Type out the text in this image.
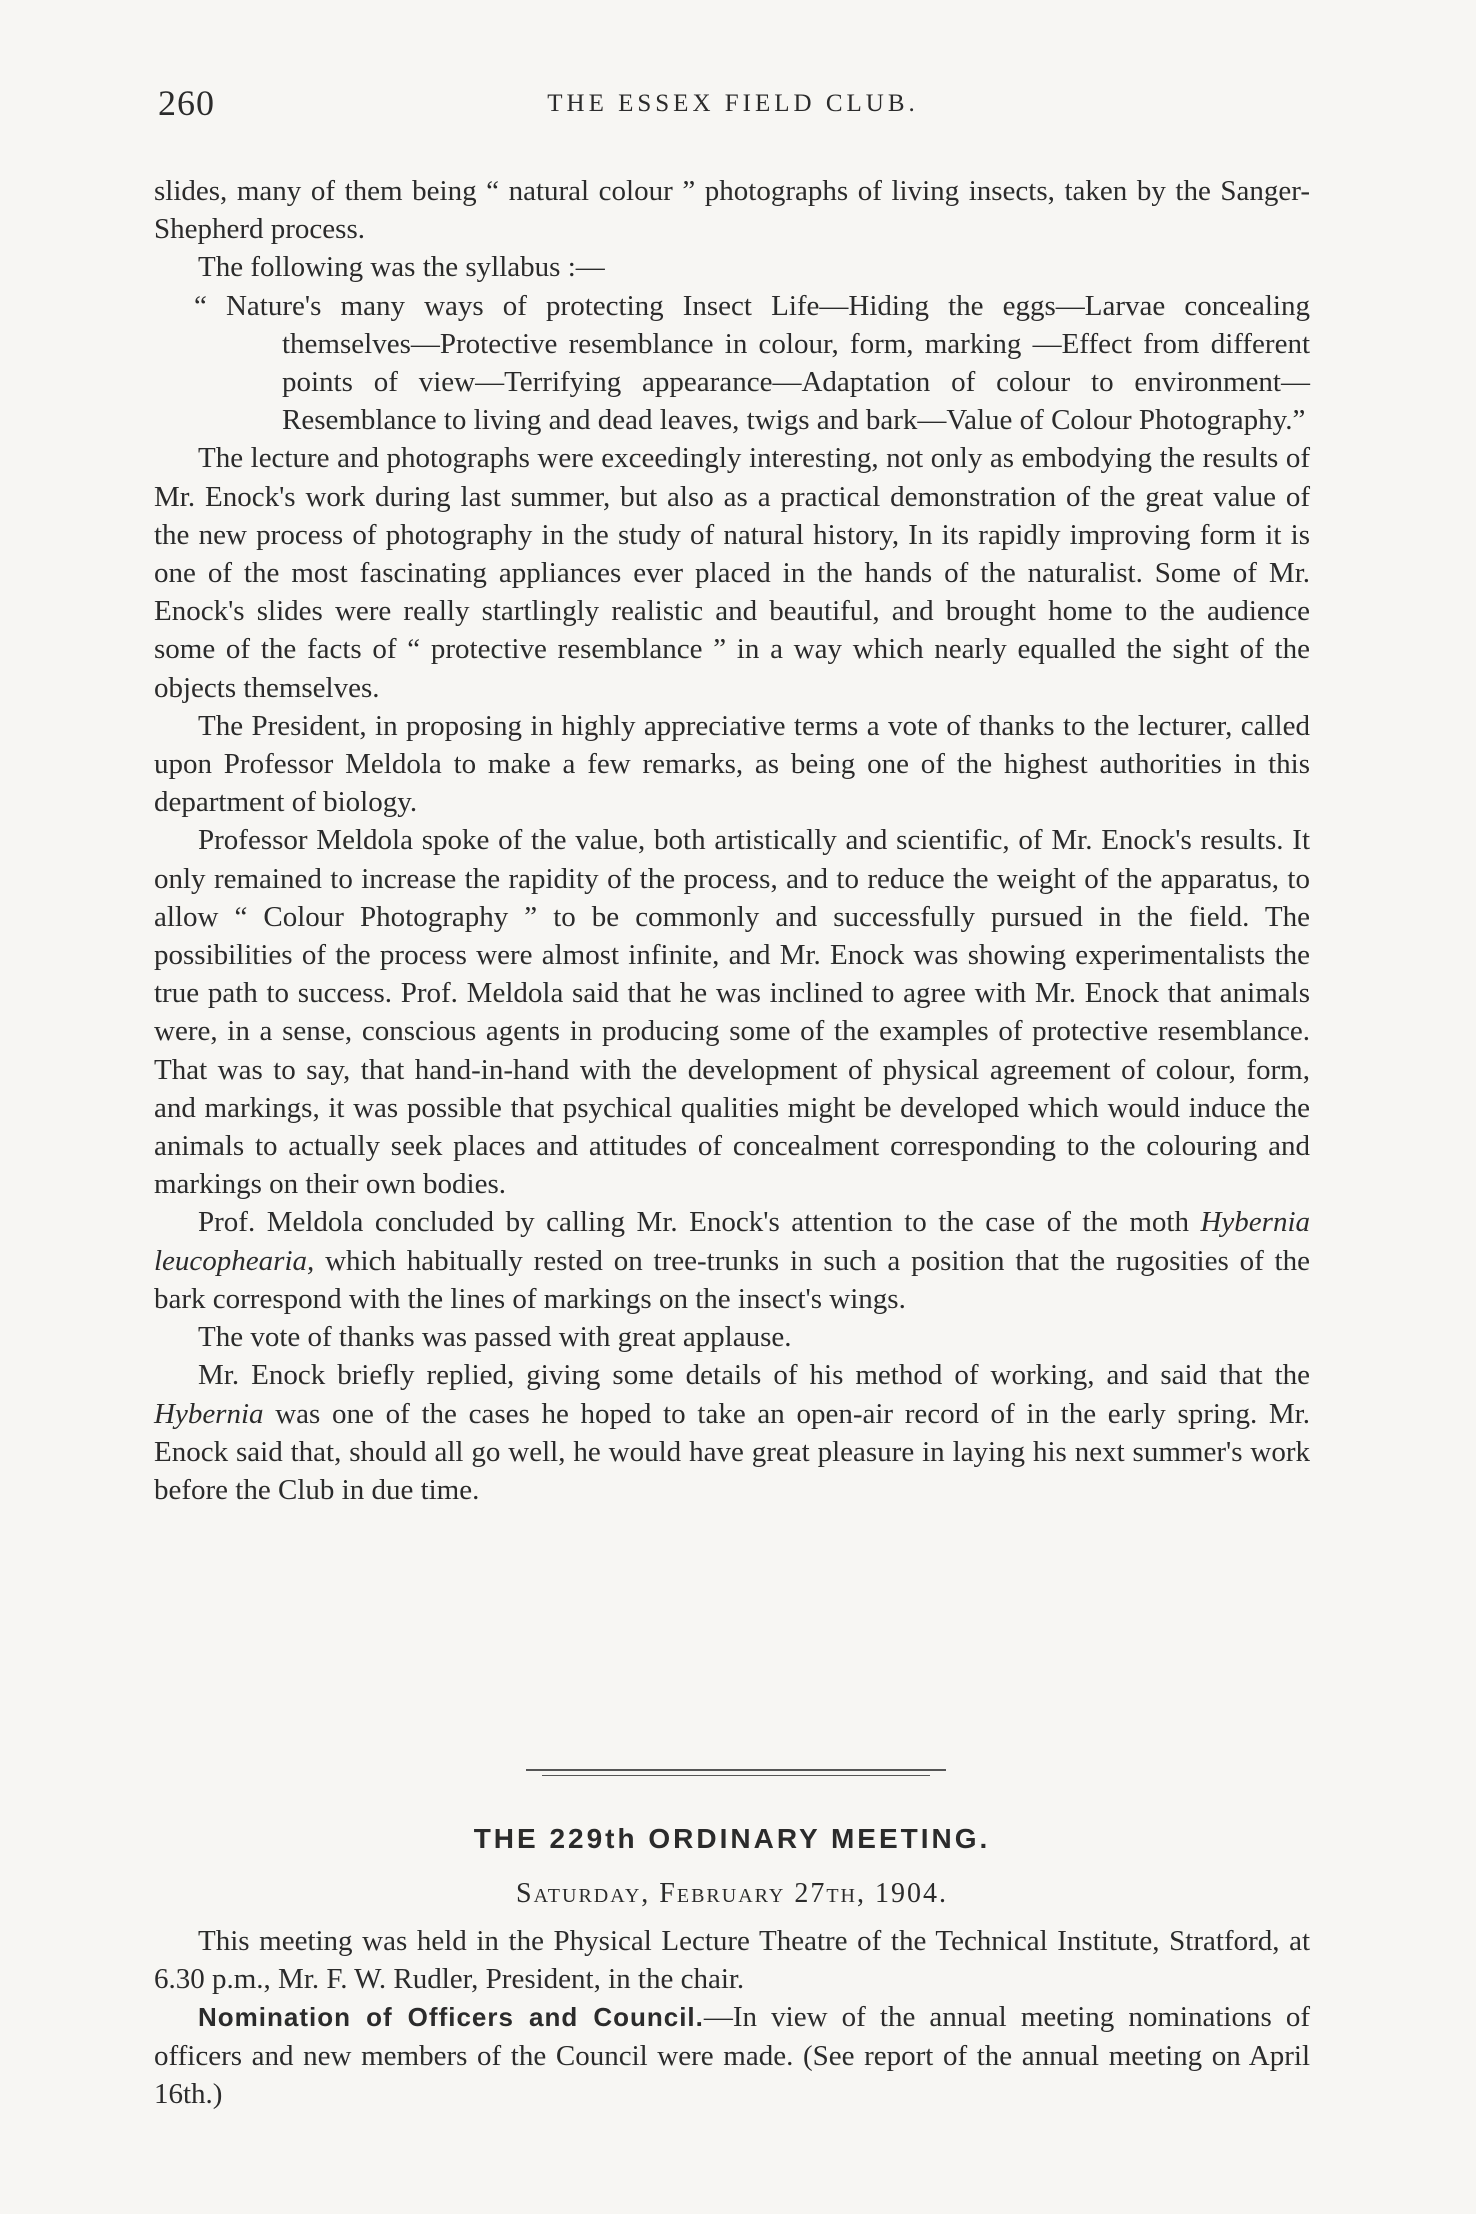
260	THE ESSEX FIELD CLUB.

slides, many of them being “ natural colour ” photographs of living insects, taken by the Sanger-Shepherd process.

The following was the syllabus :—

“ Nature's many ways of protecting Insect Life—Hiding the eggs—Larvae concealing themselves—Protective resemblance in colour, form, marking —Effect from different points of view—Terrifying appearance—Adaptation of colour to environment—Resemblance to living and dead leaves, twigs and bark—Value of Colour Photography.”

The lecture and photographs were exceedingly interesting, not only as embodying the results of Mr. Enock's work during last summer, but also as a practical demonstration of the great value of the new process of photography in the study of natural history, In its rapidly improving form it is one of the most fascinating appliances ever placed in the hands of the naturalist. Some of Mr. Enock's slides were really startlingly realistic and beautiful, and brought home to the audience some of the facts of “ protective resemblance ” in a way which nearly equalled the sight of the objects themselves.

The President, in proposing in highly appreciative terms a vote of thanks to the lecturer, called upon Professor Meldola to make a few remarks, as being one of the highest authorities in this department of biology.

Professor Meldola spoke of the value, both artistically and scientific, of Mr. Enock's results. It only remained to increase the rapidity of the process, and to reduce the weight of the apparatus, to allow “ Colour Photography ” to be commonly and successfully pursued in the field. The possibilities of the process were almost infinite, and Mr. Enock was showing experimentalists the true path to success. Prof. Meldola said that he was inclined to agree with Mr. Enock that animals were, in a sense, conscious agents in producing some of the examples of protective resemblance. That was to say, that hand-in-hand with the development of physical agreement of colour, form, and markings, it was possible that psychical qualities might be developed which would induce the animals to actually seek places and attitudes of concealment corresponding to the colouring and markings on their own bodies.

Prof. Meldola concluded by calling Mr. Enock's attention to the case of the moth Hybernia leucophearia, which habitually rested on tree-trunks in such a position that the rugosities of the bark correspond with the lines of markings on the insect's wings.

The vote of thanks was passed with great applause.

Mr. Enock briefly replied, giving some details of his method of working, and said that the Hybernia was one of the cases he hoped to take an open-air record of in the early spring. Mr. Enock said that, should all go well, he would have great pleasure in laying his next summer's work before the Club in due time.

THE 229th ORDINARY MEETING.
Saturday, February 27th, 1904.

This meeting was held in the Physical Lecture Theatre of the Technical Institute, Stratford, at 6.30 p.m., Mr. F. W. Rudler, President, in the chair.

Nomination of Officers and Council.—In view of the annual meeting nominations of officers and new members of the Council were made. (See report of the annual meeting on April 16th.)
